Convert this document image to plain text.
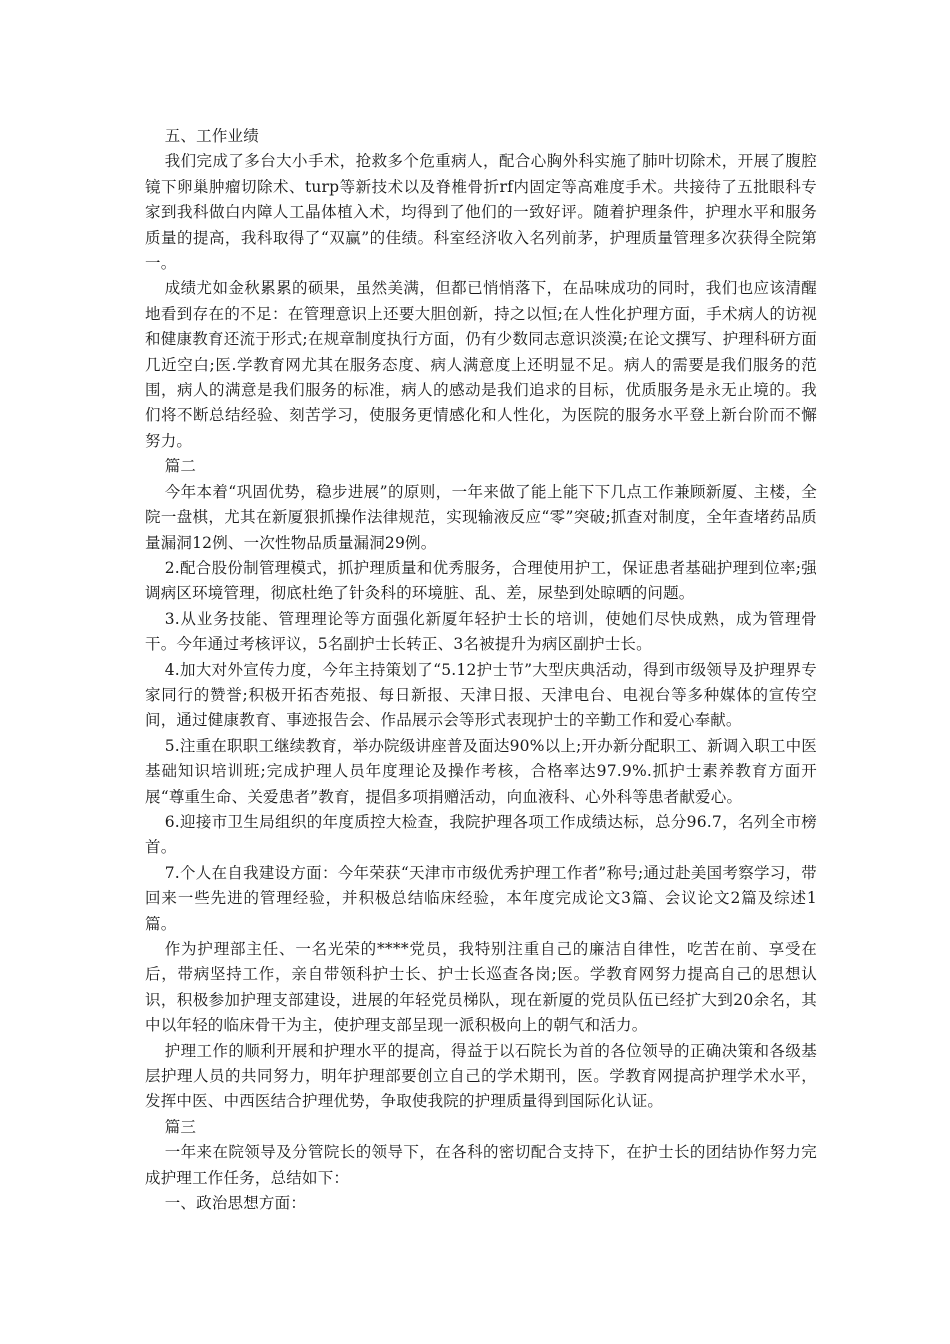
五、工作业绩

我们完成了多台大小手术，抢救多个危重病人，配合心胸外科实施了肺叶切除术，开展了腹腔镜下卵巢肿瘤切除术、turp等新技术以及脊椎骨折rf内固定等高难度手术。共接待了五批眼科专家到我科做白内障人工晶体植入术，均得到了他们的一致好评。随着护理条件，护理水平和服务质量的提高，我科取得了“双赢”的佳绩。科室经济收入名列前茅，护理质量管理多次获得全院第一。

成绩尤如金秋累累的硕果，虽然美满，但都已悄悄落下，在品味成功的同时，我们也应该清醒地看到存在的不足：在管理意识上还要大胆创新，持之以恒;在人性化护理方面，手术病人的访视和健康教育还流于形式;在规章制度执行方面，仍有少数同志意识淡漠;在论文撰写、护理科研方面几近空白;医.学教育网尤其在服务态度、病人满意度上还明显不足。病人的需要是我们服务的范围，病人的满意是我们服务的标准，病人的感动是我们追求的目标，优质服务是永无止境的。我们将不断总结经验、刻苦学习，使服务更情感化和人性化，为医院的服务水平登上新台阶而不懈努力。

篇二

今年本着“巩固优势，稳步进展”的原则，一年来做了能上能下下几点工作兼顾新厦、主楼，全院一盘棋，尤其在新厦狠抓操作法律规范，实现输液反应“零”突破;抓查对制度，全年查堵药品质量漏洞12例、一次性物品质量漏洞29例。

2.配合股份制管理模式，抓护理质量和优秀服务，合理使用护工，保证患者基础护理到位率;强调病区环境管理，彻底杜绝了针灸科的环境脏、乱、差，尿垫到处晾晒的问题。

3.从业务技能、管理理论等方面强化新厦年轻护士长的培训，使她们尽快成熟，成为管理骨干。今年通过考核评议，5名副护士长转正、3名被提升为病区副护士长。

4.加大对外宣传力度，今年主持策划了“5.12护士节”大型庆典活动，得到市级领导及护理界专家同行的赞誉;积极开拓杏苑报、每日新报、天津日报、天津电台、电视台等多种媒体的宣传空间，通过健康教育、事迹报告会、作品展示会等形式表现护士的辛勤工作和爱心奉献。

5.注重在职职工继续教育，举办院级讲座普及面达90%以上;开办新分配职工、新调入职工中医基础知识培训班;完成护理人员年度理论及操作考核，合格率达97.9%.抓护士素养教育方面开展“尊重生命、关爱患者”教育，提倡多项捐赠活动，向血液科、心外科等患者献爱心。

6.迎接市卫生局组织的年度质控大检查，我院护理各项工作成绩达标，总分96.7，名列全市榜首。

7.个人在自我建设方面：今年荣获“天津市市级优秀护理工作者”称号;通过赴美国考察学习，带回来一些先进的管理经验，并积极总结临床经验，本年度完成论文3篇、会议论文2篇及综述1篇。

作为护理部主任、一名光荣的****党员，我特别注重自己的廉洁自律性，吃苦在前、享受在后，带病坚持工作，亲自带领科护士长、护士长巡查各岗;医。学教育网努力提高自己的思想认识，积极参加护理支部建设，进展的年轻党员梯队，现在新厦的党员队伍已经扩大到20余名，其中以年轻的临床骨干为主，使护理支部呈现一派积极向上的朝气和活力。

护理工作的顺利开展和护理水平的提高，得益于以石院长为首的各位领导的正确决策和各级基层护理人员的共同努力，明年护理部要创立自己的学术期刊，医。学教育网提高护理学术水平，发挥中医、中西医结合护理优势，争取使我院的护理质量得到国际化认证。

篇三

一年来在院领导及分管院长的领导下，在各科的密切配合支持下，在护士长的团结协作努力完成护理工作任务，总结如下：

一、政治思想方面：
